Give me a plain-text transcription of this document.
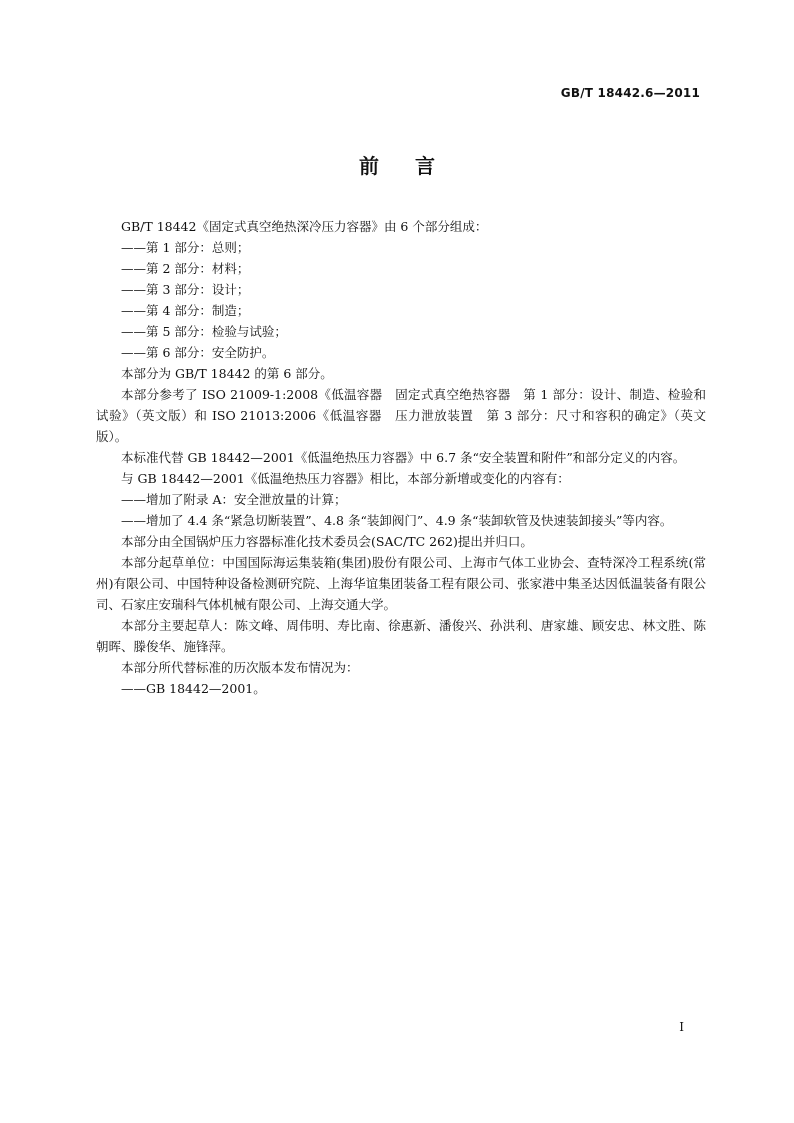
GB/T 18442.6—2011
前言

GB/T 18442《固定式真空绝热深冷压力容器》由 6 个部分组成：

——第 1 部分：总则；

——第 2 部分：材料；

——第 3 部分：设计；

——第 4 部分：制造；

——第 5 部分：检验与试验；

——第 6 部分：安全防护。

本部分为 GB/T 18442 的第 6 部分。

本部分参考了 ISO 21009-1:2008《低温容器　固定式真空绝热容器　第 1 部分：设计、制造、检验和试验》（英文版）和 ISO 21013:2006《低温容器　压力泄放装置　第 3 部分：尺寸和容积的确定》（英文版）。

本标准代替 GB 18442—2001《低温绝热压力容器》中 6.7 条“安全装置和附件”和部分定义的内容。

与 GB 18442—2001《低温绝热压力容器》相比，本部分新增或变化的内容有：

——增加了附录 A：安全泄放量的计算；

——增加了 4.4 条“紧急切断装置”、4.8 条“装卸阀门”、4.9 条“装卸软管及快速装卸接头”等内容。

本部分由全国锅炉压力容器标准化技术委员会(SAC/TC 262)提出并归口。

本部分起草单位：中国国际海运集装箱(集团)股份有限公司、上海市气体工业协会、查特深冷工程系统(常州)有限公司、中国特种设备检测研究院、上海华谊集团装备工程有限公司、张家港中集圣达因低温装备有限公司、石家庄安瑞科气体机械有限公司、上海交通大学。

本部分主要起草人：陈文峰、周伟明、寿比南、徐惠新、潘俊兴、孙洪利、唐家雄、顾安忠、林文胜、陈朝晖、滕俊华、施锋萍。

本部分所代替标准的历次版本发布情况为：

——GB 18442—2001。

I
